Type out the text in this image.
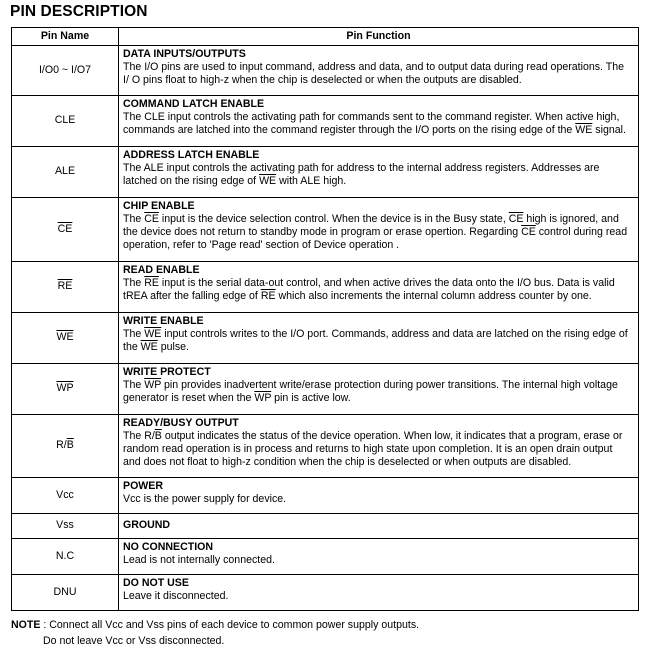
PIN DESCRIPTION
Pin Name	Pin Function
I/O0 ~ I/O7	DATA INPUTS/OUTPUTS
The I/O pins are used to input command, address and data, and to output data during read operations. The I/ O pins float to high-z when the chip is deselected or when the outputs are disabled.

CLE	COMMAND LATCH ENABLE
The CLE input controls the activating path for commands sent to the command register. When active high, commands are latched into the command register through the I/O ports on the rising edge of the $\overline{WE}$ signal.

ALE	ADDRESS LATCH ENABLE
The ALE input controls the activating path for address to the internal address registers. Addresses are latched on the rising edge of $\overline{WE}$ with ALE high.

$\overline{CE}$	CHIP ENABLE
The $\overline{CE}$ input is the device selection control. When the device is in the Busy state, $\overline{CE}$ high is ignored, and the device does not return to standby mode in program or erase opertion. Regarding $\overline{CE}$ control during read operation, refer to 'Page read' section of Device operation .

$\overline{RE}$	READ ENABLE
The $\overline{RE}$ input is the serial data-out control, and when active drives the data onto the I/O bus. Data is valid tREA after the falling edge of $\overline{RE}$ which also increments the internal column address counter by one.

$\overline{WE}$	WRITE ENABLE
The $\overline{WE}$ input controls writes to the I/O port. Commands, address and data are latched on the rising edge of the $\overline{WE}$ pulse.

$\overline{WP}$	WRITE PROTECT
The $\overline{WP}$ pin provides inadvertent write/erase protection during power transitions. The internal high voltage generator is reset when the $\overline{WP}$ pin is active low.

$R/\overline{B}$	READY/BUSY OUTPUT
The $R/\overline{B}$ output indicates the status of the device operation. When low, it indicates that a program, erase or random read operation is in process and returns to high state upon completion. It is an open drain output and does not float to high-z condition when the chip is deselected or when outputs are disabled.

Vcc	POWER
Vcc is the power supply for device.

Vss	GROUND

N.C	NO CONNECTION
Lead is not internally connected.

DNU	DO NOT USE
Leave it disconnected.
NOTE : Connect all Vcc and Vss pins of each device to common power supply outputs.
Do not leave Vcc or Vss disconnected.
